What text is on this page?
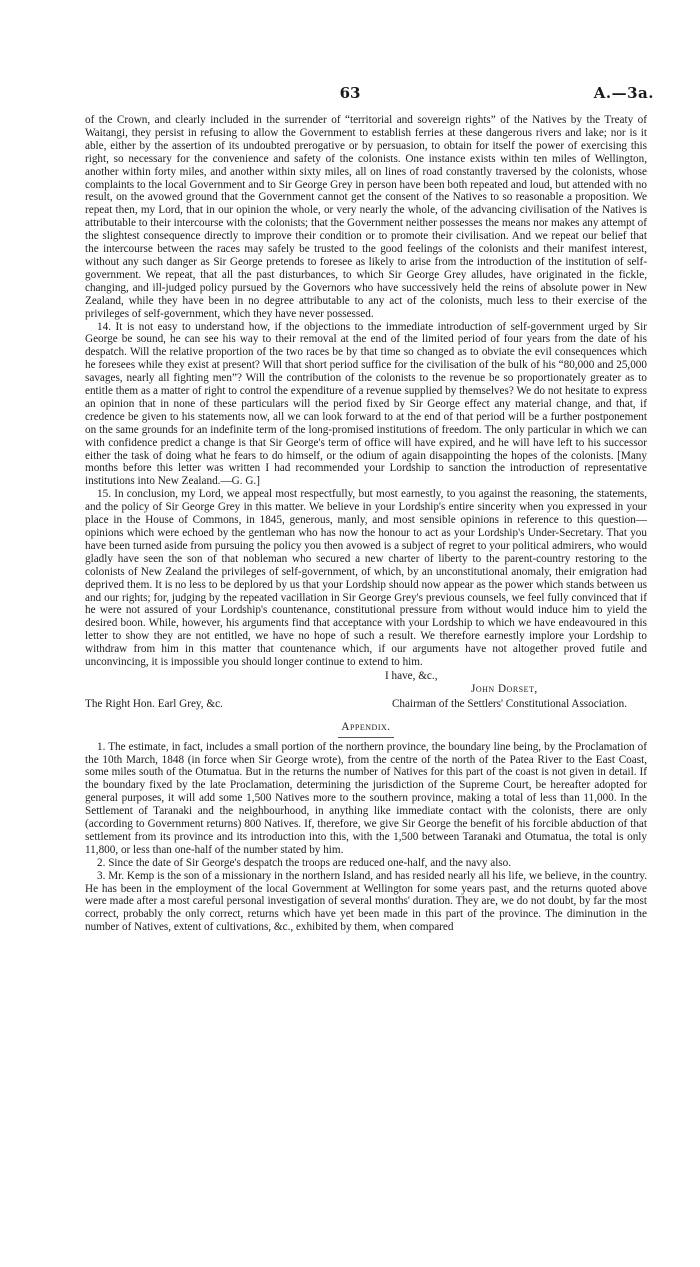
63	A.—3a.

of the Crown, and clearly included in the surrender of “territorial and sovereign rights” of the Natives by the Treaty of Waitangi, they persist in refusing to allow the Government to establish ferries at these dangerous rivers and lake; nor is it able, either by the assertion of its undoubted prerogative or by persuasion, to obtain for itself the power of exercising this right, so necessary for the convenience and safety of the colonists. One instance exists within ten miles of Wellington, another within forty miles, and another within sixty miles, all on lines of road constantly traversed by the colonists, whose complaints to the local Government and to Sir George Grey in person have been both repeated and loud, but attended with no result, on the avowed ground that the Government cannot get the consent of the Natives to so reasonable a proposition. We repeat then, my Lord, that in our opinion the whole, or very nearly the whole, of the advancing civilisation of the Natives is attributable to their intercourse with the colonists; that the Government neither possesses the means nor makes any attempt of the slightest consequence directly to improve their condition or to promote their civilisation. And we repeat our belief that the intercourse between the races may safely be trusted to the good feelings of the colonists and their manifest interest, without any such danger as Sir George pretends to foresee as likely to arise from the introduction of the institution of self-government. We repeat, that all the past disturbances, to which Sir George Grey alludes, have originated in the fickle, changing, and ill-judged policy pursued by the Governors who have successively held the reins of absolute power in New Zealand, while they have been in no degree attributable to any act of the colonists, much less to their exercise of the privileges of self-government, which they have never possessed.

14. It is not easy to understand how, if the objections to the immediate introduction of self-government urged by Sir George be sound, he can see his way to their removal at the end of the limited period of four years from the date of his despatch. Will the relative proportion of the two races be by that time so changed as to obviate the evil consequences which he foresees while they exist at present? Will that short period suffice for the civilisation of the bulk of his “80,000 and 25,000 savages, nearly all fighting men”? Will the contribution of the colonists to the revenue be so proportionately greater as to entitle them as a matter of right to control the expenditure of a revenue supplied by themselves? We do not hesitate to express an opinion that in none of these particulars will the period fixed by Sir George effect any material change, and that, if credence be given to his statements now, all we can look forward to at the end of that period will be a further postponement on the same grounds for an indefinite term of the long-promised institutions of freedom. The only particular in which we can with confidence predict a change is that Sir George's term of office will have expired, and he will have left to his successor either the task of doing what he fears to do himself, or the odium of again disappointing the hopes of the colonists. [Many months before this letter was written I had recommended your Lordship to sanction the introduction of representative institutions into New Zealand.—G. G.]

15. In conclusion, my Lord, we appeal most respectfully, but most earnestly, to you against the reasoning, the statements, and the policy of Sir George Grey in this matter. We believe in your Lordship's entire sincerity when you expressed in your place in the House of Commons, in 1845, generous, manly, and most sensible opinions in reference to this question—opinions which were echoed by the gentleman who has now the honour to act as your Lordship's Under-Secretary. That you have been turned aside from pursuing the policy you then avowed is a subject of regret to your political admirers, who would gladly have seen the son of that nobleman who secured a new charter of liberty to the parent-country restoring to the colonists of New Zealand the privileges of self-government, of which, by an unconstitutional anomaly, their emigration had deprived them. It is no less to be deplored by us that your Lordship should now appear as the power which stands between us and our rights; for, judging by the repeated vacillation in Sir George Grey's previous counsels, we feel fully convinced that if he were not assured of your Lordship's countenance, constitutional pressure from without would induce him to yield the desired boon. While, however, his arguments find that acceptance with your Lordship to which we have endeavoured in this letter to show they are not entitled, we have no hope of such a result. We therefore earnestly implore your Lordship to withdraw from him in this matter that countenance which, if our arguments have not altogether proved futile and unconvincing, it is impossible you should longer continue to extend to him.

I have, &c.,
John Dorset,
The Right Hon. Earl Grey, &c.	Chairman of the Settlers' Constitutional Association.
Appendix.

1. The estimate, in fact, includes a small portion of the northern province, the boundary line being, by the Proclamation of the 10th March, 1848 (in force when Sir George wrote), from the centre of the north of the Patea River to the East Coast, some miles south of the Otumatua. But in the returns the number of Natives for this part of the coast is not given in detail. If the boundary fixed by the late Proclamation, determining the jurisdiction of the Supreme Court, be hereafter adopted for general purposes, it will add some 1,500 Natives more to the southern province, making a total of less than 11,000. In the Settlement of Taranaki and the neighbourhood, in anything like immediate contact with the colonists, there are only (according to Government returns) 800 Natives. If, therefore, we give Sir George the benefit of his forcible abduction of that settlement from its province and its introduction into this, with the 1,500 between Taranaki and Otumatua, the total is only 11,800, or less than one-half of the number stated by him.

2. Since the date of Sir George's despatch the troops are reduced one-half, and the navy also.

3. Mr. Kemp is the son of a missionary in the northern Island, and has resided nearly all his life, we believe, in the country. He has been in the employment of the local Government at Wellington for some years past, and the returns quoted above were made after a most careful personal investigation of several months' duration. They are, we do not doubt, by far the most correct, probably the only correct, returns which have yet been made in this part of the province. The diminution in the number of Natives, extent of cultivations, &c., exhibited by them, when compared
